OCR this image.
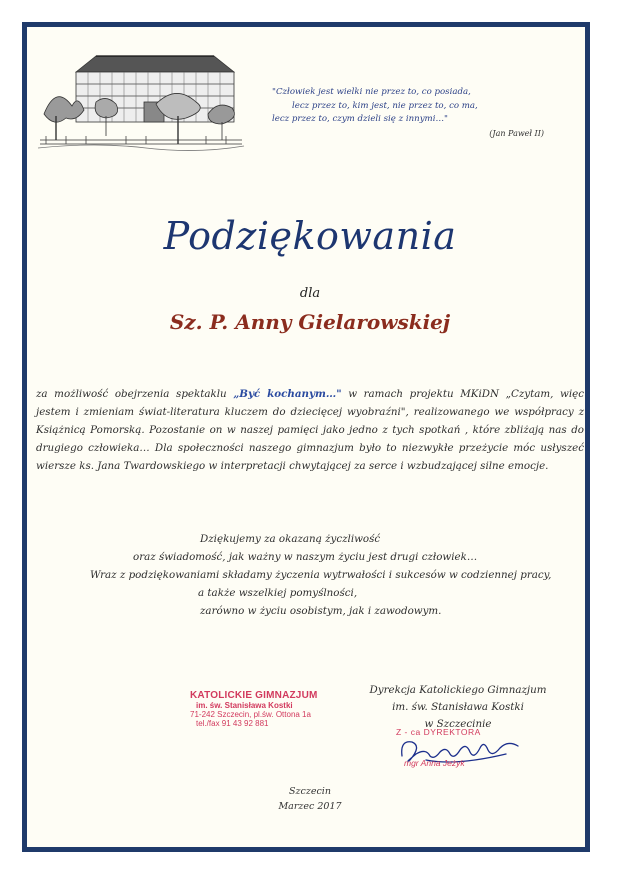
"Człowiek jest wielki nie przez to, co posiada,
lecz przez to, kim jest, nie przez to, co ma,
lecz przez to, czym dzieli się z innymi…"
(Jan Paweł II)
Podziękowania
dla
Sz. P. Anny Gielarowskiej
za możliwość obejrzenia spektaklu „Być kochanym…" w ramach projektu MKiDN „Czytam, więc jestem i zmieniam świat-literatura kluczem do dziecięcej wyobraźni", realizowanego we współpracy z Książnicą Pomorską. Pozostanie on w naszej pamięci jako jedno z tych spotkań , które zbliżają nas do drugiego człowieka… Dla społeczności naszego gimnazjum było to niezwykłe przeżycie móc usłyszeć wiersze ks. Jana Twardowskiego w interpretacji chwytającej za serce i wzbudzającej silne emocje.
Dziękujemy za okazaną życzliwość
oraz świadomość, jak ważny w naszym życiu jest drugi człowiek…
Wraz z podziękowaniami składamy życzenia wytrwałości i sukcesów w codziennej pracy,
a także wszelkiej pomyślności,
zarówno w życiu osobistym, jak i zawodowym.
KATOLICKIE GIMNAZJUM
im. św. Stanisława Kostki
71-242 Szczecin, pl.św. Ottona 1a
tel./fax 91 43 92 881
Dyrekcja Katolickiego Gimnazjum
im. św. Stanisława Kostki
w Szczecinie
Z - ca DYREKTORA
mgr Anna Jeżyk
Szczecin
Marzec 2017
